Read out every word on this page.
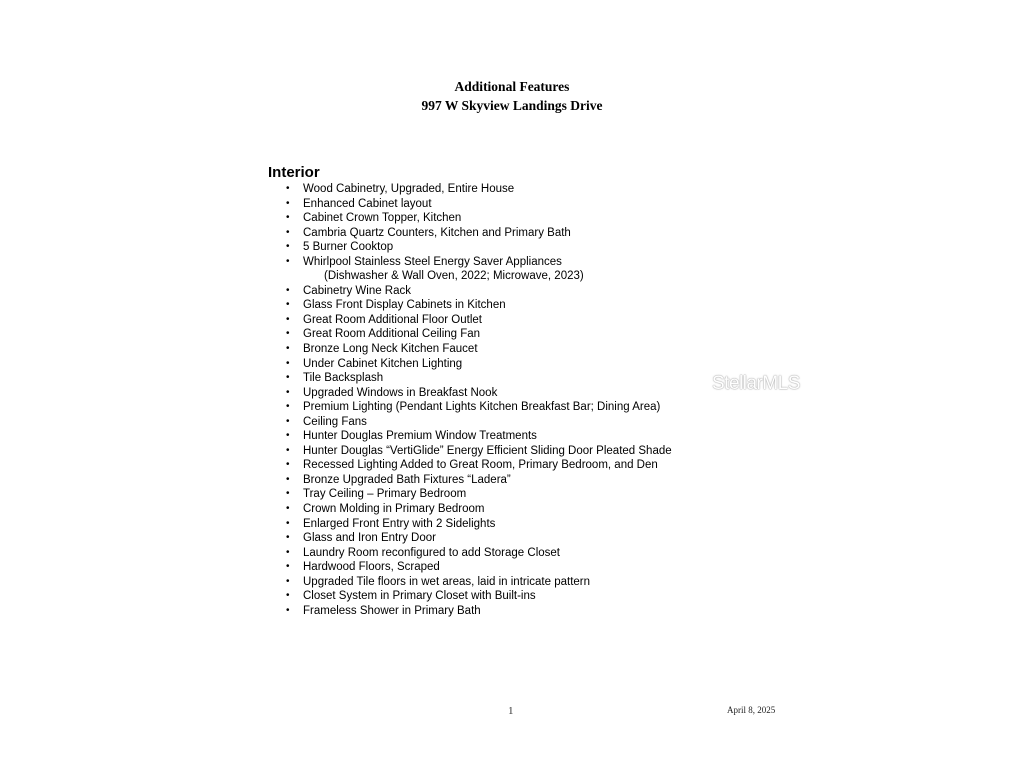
Additional Features
997 W Skyview Landings Drive
Interior
• Wood Cabinetry, Upgraded, Entire House
• Enhanced Cabinet layout
• Cabinet Crown Topper, Kitchen
• Cambria Quartz Counters, Kitchen and Primary Bath
• 5 Burner Cooktop
• Whirlpool Stainless Steel Energy Saver Appliances
(Dishwasher & Wall Oven, 2022; Microwave, 2023)
• Cabinetry Wine Rack
• Glass Front Display Cabinets in Kitchen
• Great Room Additional Floor Outlet
• Great Room Additional Ceiling Fan
• Bronze Long Neck Kitchen Faucet
• Under Cabinet Kitchen Lighting
• Tile Backsplash
• Upgraded Windows in Breakfast Nook
• Premium Lighting (Pendant Lights Kitchen Breakfast Bar; Dining Area)
• Ceiling Fans
• Hunter Douglas Premium Window Treatments
• Hunter Douglas “VertiGlide” Energy Efficient Sliding Door Pleated Shade
• Recessed Lighting Added to Great Room, Primary Bedroom, and Den
• Bronze Upgraded Bath Fixtures “Ladera”
• Tray Ceiling – Primary Bedroom
• Crown Molding in Primary Bedroom
• Enlarged Front Entry with 2 Sidelights
• Glass and Iron Entry Door
• Laundry Room reconfigured to add Storage Closet
• Hardwood Floors, Scraped
• Upgraded Tile floors in wet areas, laid in intricate pattern
• Closet System in Primary Closet with Built-ins
• Frameless Shower in Primary Bath
StellarMLS
1	April 8, 2025
